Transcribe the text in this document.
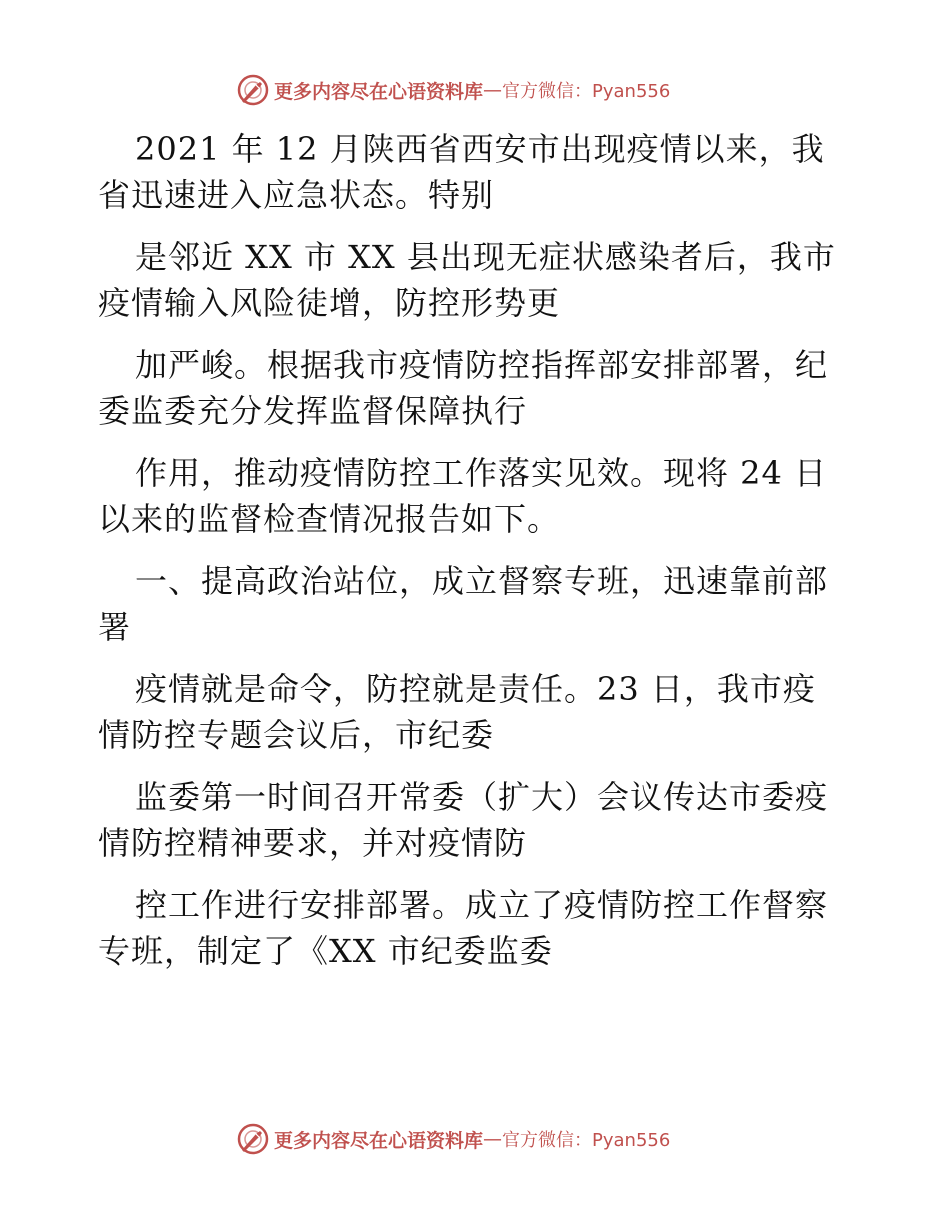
更多内容尽在心语资料库 — 官方微信：Pyan556

2021 年 12 月陕西省西安市出现疫情以来，我
省迅速进入应急状态。特别

是邻近 XX 市 XX 县出现无症状感染者后，我市
疫情输入风险徒增，防控形势更

加严峻。根据我市疫情防控指挥部安排部署，纪
委监委充分发挥监督保障执行

作用，推动疫情防控工作落实见效。现将 24 日
以来的监督检查情况报告如下。

一、提高政治站位，成立督察专班，迅速靠前部
署

疫情就是命令，防控就是责任。23 日，我市疫
情防控专题会议后，市纪委

监委第一时间召开常委（扩大）会议传达市委疫
情防控精神要求，并对疫情防

控工作进行安排部署。成立了疫情防控工作督察
专班，制定了《XX 市纪委监委

更多内容尽在心语资料库 — 官方微信：Pyan556
